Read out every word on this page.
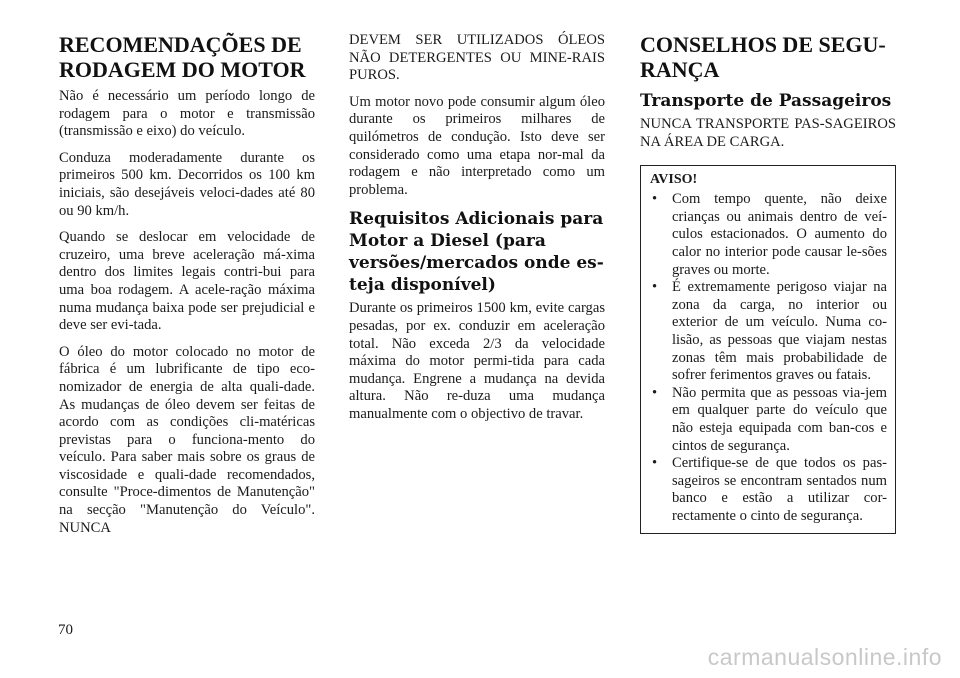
RECOMENDAÇÕES DE RODAGEM DO MOTOR

Não é necessário um período longo de rodagem para o motor e transmissão (transmissão e eixo) do veículo.

Conduza moderadamente durante os primeiros 500 km. Decorridos os 100 km iniciais, são desejáveis veloci-dades até 80 ou 90 km/h.

Quando se deslocar em velocidade de cruzeiro, uma breve aceleração má-xima dentro dos limites legais contri-bui para uma boa rodagem. A acele-ração máxima numa mudança baixa pode ser prejudicial e deve ser evi-tada.

O óleo do motor colocado no motor de fábrica é um lubrificante de tipo eco-nomizador de energia de alta quali-dade. As mudanças de óleo devem ser feitas de acordo com as condições cli-matéricas previstas para o funciona-mento do veículo. Para saber mais sobre os graus de viscosidade e quali-dade recomendados, consulte "Proce-dimentos de Manutenção" na secção "Manutenção do Veículo". NUNCA

DEVEM SER UTILIZADOS ÓLEOS NÃO DETERGENTES OU MINE-RAIS PUROS.

Um motor novo pode consumir algum óleo durante os primeiros milhares de quilómetros de condução. Isto deve ser considerado como uma etapa nor-mal da rodagem e não interpretado como um problema.

Requisitos Adicionais para Motor a Diesel (para versões/mercados onde es-teja disponível)

Durante os primeiros 1500 km, evite cargas pesadas, por ex. conduzir em aceleração total. Não exceda 2/3 da velocidade máxima do motor permi-tida para cada mudança. Engrene a mudança na devida altura. Não re-duza uma mudança manualmente com o objectivo de travar.

CONSELHOS DE SEGU-RANÇA
Transporte de Passageiros

NUNCA TRANSPORTE PAS-SAGEIROS NA ÁREA DE CARGA.

AVISO!
• Com tempo quente, não deixe crianças ou animais dentro de veí-culos estacionados. O aumento do calor no interior pode causar le-sões graves ou morte.
• É extremamente perigoso viajar na zona da carga, no interior ou exterior de um veículo. Numa co-lisão, as pessoas que viajam nestas zonas têm mais probabilidade de sofrer ferimentos graves ou fatais.
• Não permita que as pessoas via-jem em qualquer parte do veículo que não esteja equipada com ban-cos e cintos de segurança.
• Certifique-se de que todos os pas-sageiros se encontram sentados num banco e estão a utilizar cor-rectamente o cinto de segurança.
70
carmanualsonline.info
